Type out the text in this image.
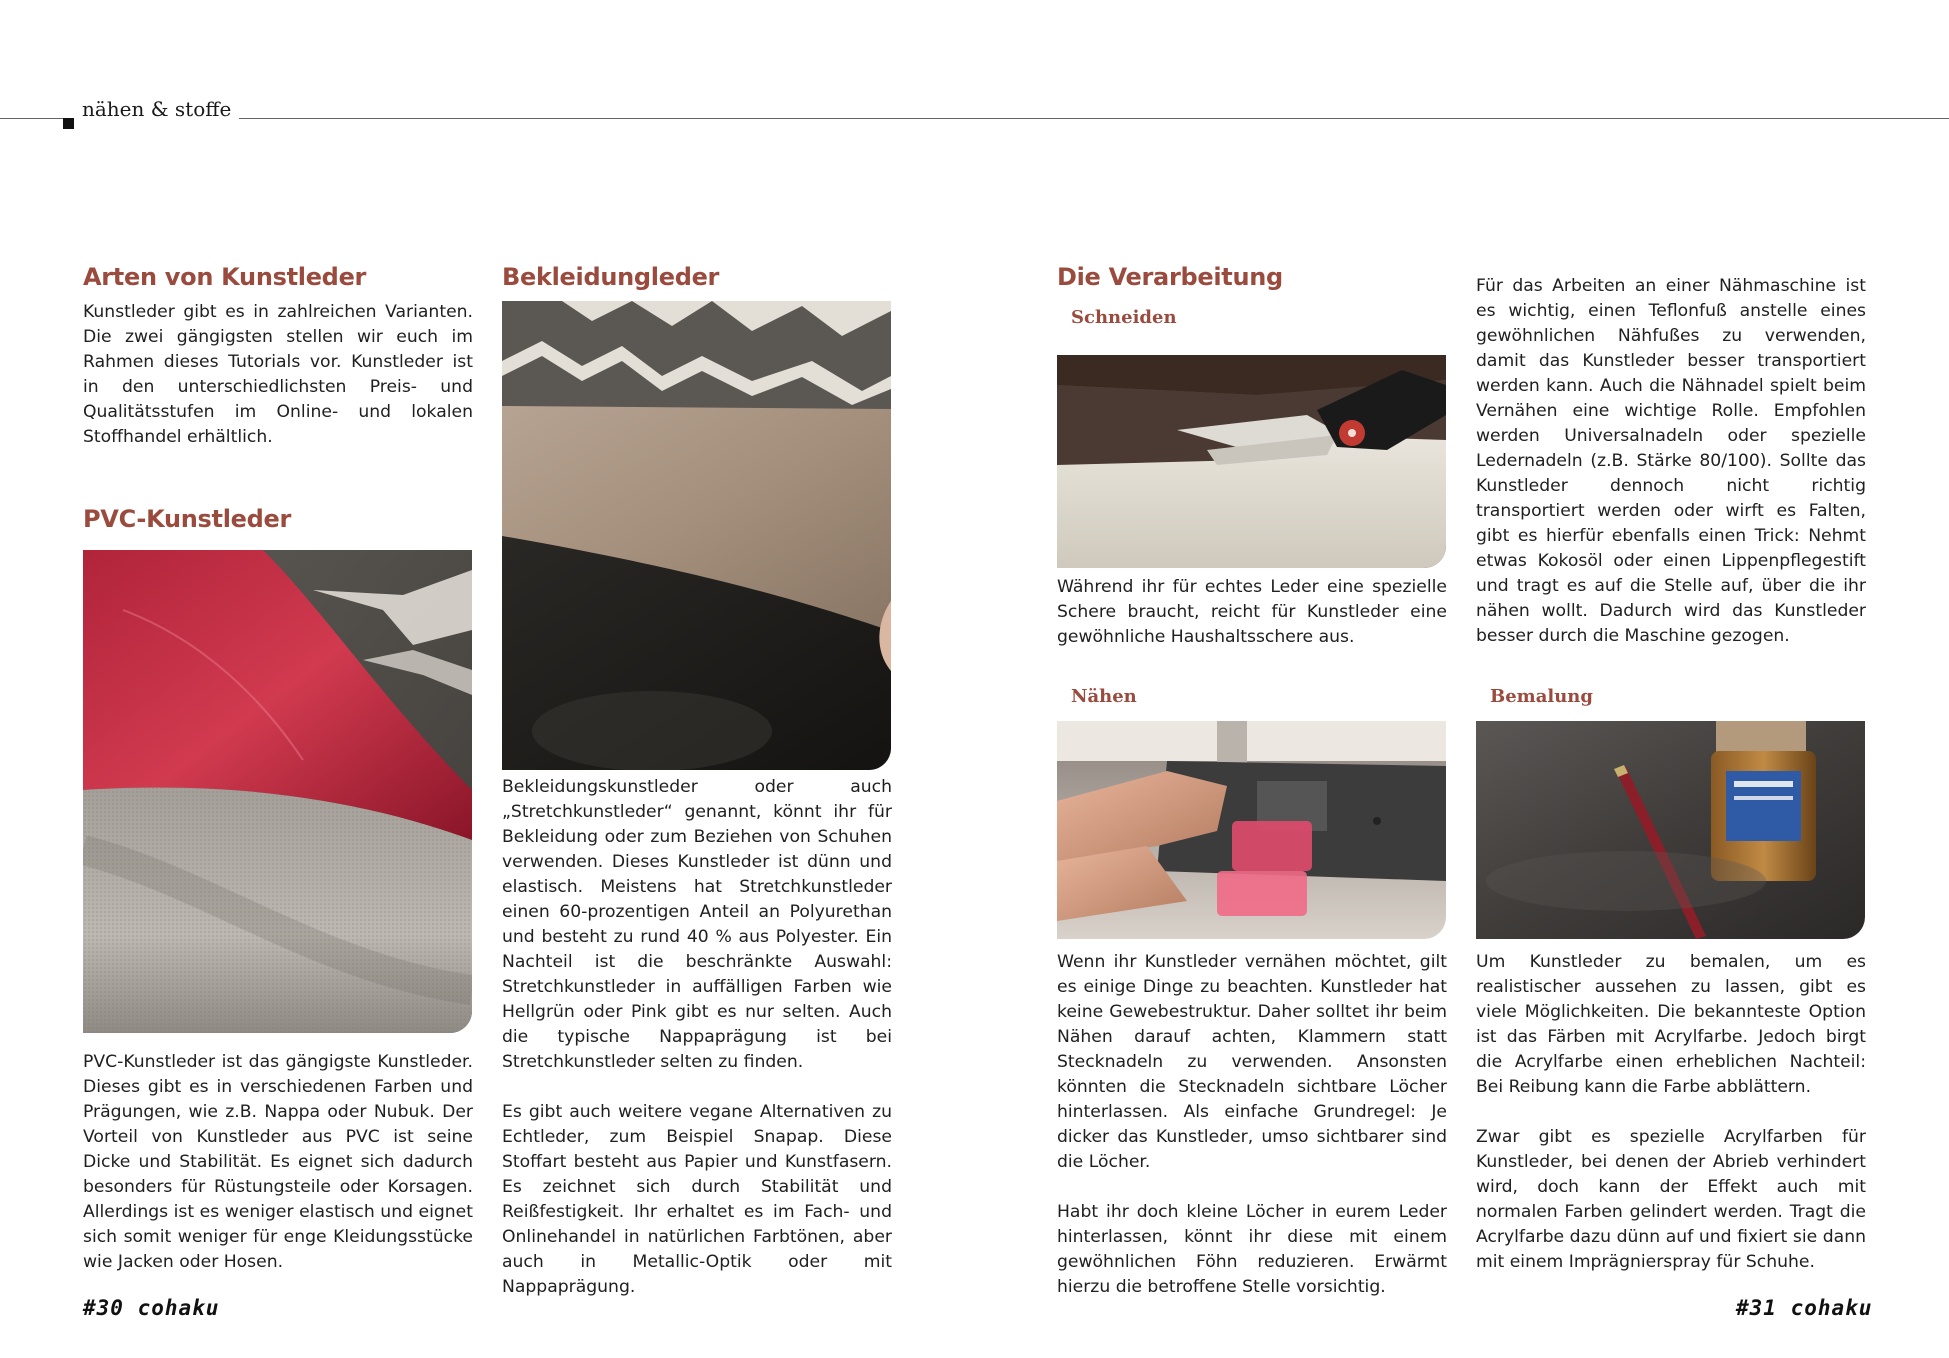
nähen & stoffe
Arten von Kunstleder

Kunstleder gibt es in zahlreichen Varianten. Die zwei gängigsten stellen wir euch im Rahmen dieses Tutorials vor. Kunstleder ist in den unterschiedlichsten Preis- und Qualitätsstufen im Online- und lokalen Stoffhandel erhältlich.

PVC-Kunstleder

PVC-Kunstleder ist das gängigste Kunstleder. Dieses gibt es in verschiedenen Farben und Prägungen, wie z.B. Nappa oder Nubuk. Der Vorteil von Kunstleder aus PVC ist seine Dicke und Stabilität. Es eignet sich dadurch besonders für Rüstungsteile oder Korsagen. Allerdings ist es weniger elastisch und eignet sich somit weniger für enge Kleidungsstücke wie Jacken oder Hosen.

Bekleidungleder

Bekleidungskunstleder oder auch „Stretchkunstleder“ genannt, könnt ihr für Bekleidung oder zum Beziehen von Schuhen verwenden. Dieses Kunstleder ist dünn und elastisch. Meistens hat Stretchkunstleder einen 60-prozentigen Anteil an Polyurethan und besteht zu rund 40 % aus Polyester. Ein Nachteil ist die beschränkte Auswahl: Stretchkunstleder in auffälligen Farben wie Hellgrün oder Pink gibt es nur selten. Auch die typische Nappaprägung ist bei Stretchkunstleder selten zu finden.

Es gibt auch weitere vegane Alternativen zu Echtleder, zum Beispiel Snapap. Diese Stoffart besteht aus Papier und Kunstfasern. Es zeichnet sich durch Stabilität und Reißfestigkeit. Ihr erhaltet es im Fach- und Onlinehandel in natürlichen Farbtönen, aber auch in Metallic-Optik oder mit Nappaprägung.

Die Verarbeitung
Schneiden

Während ihr für echtes Leder eine spezielle Schere braucht, reicht für Kunstleder eine gewöhnliche Haushaltsschere aus.

Nähen

Wenn ihr Kunstleder vernähen möchtet, gilt es einige Dinge zu beachten. Kunstleder hat keine Gewebestruktur. Daher solltet ihr beim Nähen darauf achten, Klammern statt Stecknadeln zu verwenden. Ansonsten könnten die Stecknadeln sichtbare Löcher hinterlassen. Als einfache Grundregel: Je dicker das Kunstleder, umso sichtbarer sind die Löcher.

Habt ihr doch kleine Löcher in eurem Leder hinterlassen, könnt ihr diese mit einem gewöhnlichen Föhn reduzieren. Erwärmt hierzu die betroffene Stelle vorsichtig.

Für das Arbeiten an einer Nähmaschine ist es wichtig, einen Teflonfuß anstelle eines gewöhnlichen Nähfußes zu verwenden, damit das Kunstleder besser transportiert werden kann. Auch die Nähnadel spielt beim Vernähen eine wichtige Rolle. Empfohlen werden Universalnadeln oder spezielle Ledernadeln (z.B. Stärke 80/100). Sollte das Kunstleder dennoch nicht richtig transportiert werden oder wirft es Falten, gibt es hierfür ebenfalls einen Trick: Nehmt etwas Kokosöl oder einen Lippenpflegestift und tragt es auf die Stelle auf, über die ihr nähen wollt. Dadurch wird das Kunstleder besser durch die Maschine gezogen.

Bemalung

Um Kunstleder zu bemalen, um es realistischer aussehen zu lassen, gibt es viele Möglichkeiten. Die bekannteste Option ist das Färben mit Acrylfarbe. Jedoch birgt die Acrylfarbe einen erheblichen Nachteil: Bei Reibung kann die Farbe abblättern.

Zwar gibt es spezielle Acrylfarben für Kunstleder, bei denen der Abrieb verhindert wird, doch kann der Effekt auch mit normalen Farben gelindert werden. Tragt die Acrylfarbe dazu dünn auf und fixiert sie dann mit einem Imprägnierspray für Schuhe.

#30 cohaku	#31 cohaku
